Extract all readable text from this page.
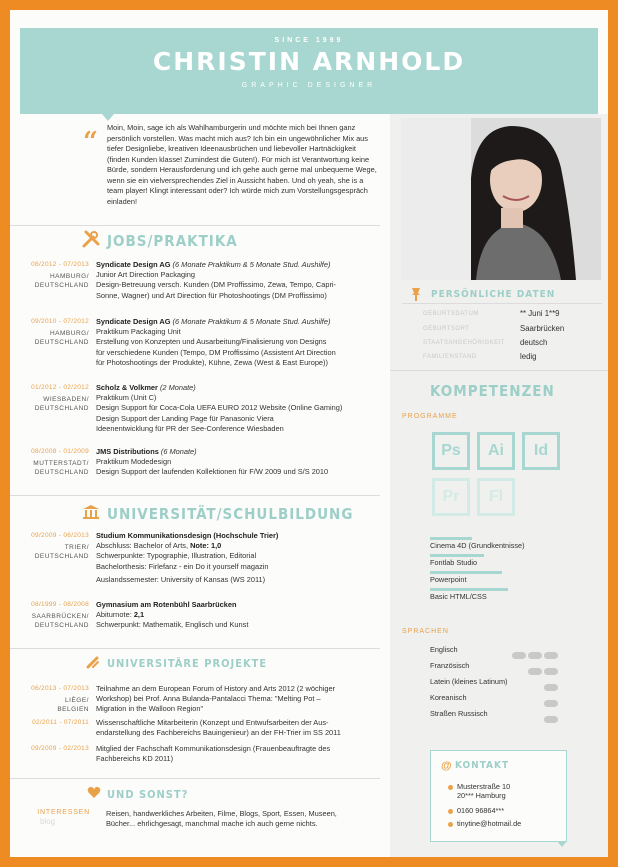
SINCE 1999
CHRISTIN ARNHOLD
GRAPHIC DESIGNER
“ Moin, Moin, sage ich als Wahlhamburgerin und möchte mich bei Ihnen ganz persönlich vorstellen. Was macht mich aus? Ich bin ein ungewöhnlicher Mix aus tiefer Designliebe, kreativen Ideenausbrüchen und liebevoller Hartnäckigkeit (finden Kunden klasse! Zumindest die Guten!). Für mich ist Verantwortung keine Bürde, sondern Herausforderung und ich gehe auch gerne mal unbequeme Wege, wenn sie ein vielversprechendes Ziel in Aussicht haben. Und oh yeah, she is a team player! Klingt interessant oder? Ich würde mich zum Vorstellungsgespräch einladen!
JOBS/PRAKTIKA
08/2012 - 07/2013
HAMBURG/
DEUTSCHLAND
Syndicate Design AG (6 Monate Praktikum & 5 Monate Stud. Aushilfe)
Junior Art Direction Packaging
Design-Betreuung versch. Kunden (DM Proffissimo, Zewa, Tempo, Capri-
Sonne, Wagner) und Art Direction für Photoshootings (DM Proffissimo)
09/2010 - 07/2012
HAMBURG/
DEUTSCHLAND
Syndicate Design AG (6 Monate Praktikum & 5 Monate Stud. Aushilfe)
Praktikum Packaging Unit
Erstellung von Konzepten und Ausarbeitung/Finalisierung von Designs
für verschiedene Kunden (Tempo, DM Proffissimo (Assistent Art Direction
für Photoshootings der Produkte), Kühne, Zewa (West & East Europe))
01/2012 - 02/2012
WIESBADEN/
DEUTSCHLAND
Scholz & Volkmer (2 Monate)
Praktikum (Unit C)
Design Support für Coca-Cola UEFA EURO 2012 Website (Online Gaming)
Design Support der Landing Page für Panasonic Viera
Ideenentwicklung für PR der See-Conference Wiesbaden
08/2008 - 01/2009
MUTTERSTADT/
DEUTSCHLAND
JMS Distributions (6 Monate)
Praktikum Modedesign
Design Support der laufenden Kollektionen für F/W 2009 und S/S 2010
UNIVERSITÄT/SCHULBILDUNG
09/2009 - 06/2013
TRIER/
DEUTSCHLAND
Studium Kommunikationsdesign (Hochschule Trier)
Abschluss: Bachelor of Arts, Note: 1,0
Schwerpunkte: Typographie, Illustration, Editorial
Bachelorthesis: Firlefanz - ein Do it yourself magazin
Auslandssemester: University of Kansas (WS 2011)
08/1999 - 08/2008
SAARBRÜCKEN/
DEUTSCHLAND
Gymnasium am Rotenbühl Saarbrücken
Abiturnote: 2,1
Schwerpunkt: Mathematik, Englisch und Kunst
UNIVERSITÄRE PROJEKTE
06/2013 - 07/2013
LIÈGE/
BELGIEN
Teilnahme an dem European Forum of History and Arts 2012 (2 wöchiger
Workshop) bei Prof. Anna Bulanda-Pantalacci Thema: "Melting Pot –
Migration in the Walloon Region"
02/2011 - 07/2011 Wissenschaftliche Mitarbeiterin (Konzept und Entwufsarbeiten der Aus-
endarstellung des Fachbereichs Bauingenieur) an der FH-Trier im SS 2011
09/2009 - 02/2013 Mitglied der Fachschaft Kommunikationsdesign (Frauenbeauftragte des
Fachbereichs KD 2011)
UND SONST?
INTERESSEN
blog
Reisen, handwerkliches Arbeiten, Filme, Blogs, Sport, Essen, Museen,
Bücher... ehrlichgesagt, manchmal mache ich auch gerne nichts.
PERSÖNLICHE DATEN
GEBURTSDATUM	** Juni 1**9
GEBURTSORT	Saarbrücken
STAATSANGEHÖRIGKEIT deutsch
FAMILIENSTAND	ledig
KOMPETENZEN
PROGRAMME
Ps	Ai	Id
Pr	Fl
Cinema 4D (Grundkentnisse)
Fontlab Studio
Powerpoint
Basic HTML/CSS
SPRACHEN
Englisch
Französisch
Latein (kleines Latinum)
Koreanisch
Straßen Russisch
@ KONTAKT
Musterstraße 10
20*** Hamburg
0160 96864***
tinytine@hotmail.de
